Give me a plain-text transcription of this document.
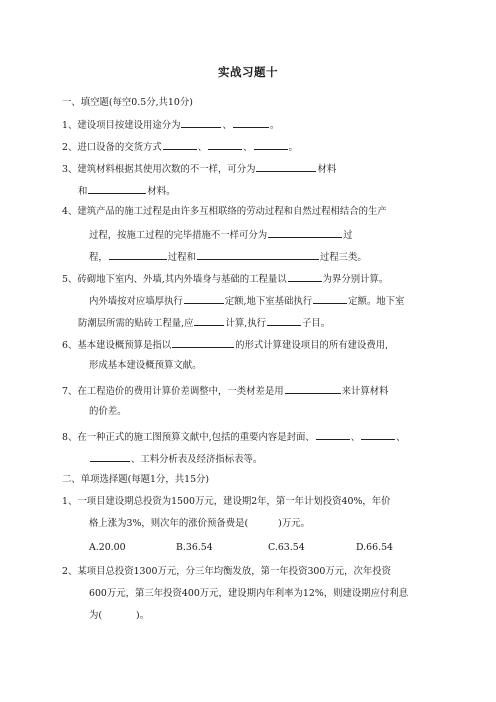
实战习题十
一、填空题(每空0.5分,共10分)
1、建设项目按建设用途分为	、	。
2、进口设备的交货方式	、	、	。
3、建筑材料根据其使用次数的不一样，可分为	材料
和	材料。
4、建筑产品的施工过程是由许多互相联络的劳动过程和自然过程相结合的生产
过程，按施工过程的完毕措施不一样可分为	过
程，	过程和	过程三类。
5、砖砌地下室内、外墙,其内外墙身与基础的工程量以	为界分别计算。
内外墙按对应墙厚执行	定额,地下室基础执行	定额。地下室
防潮层所需的贴砖工程量,应	计算,执行	子目。
6、基本建设概预算是指以	的形式计算建设项目的所有建设费用,
形成基本建设概预算文献。
7、在工程造价的费用计算价差调整中，一类材差是用	来计算材料
的价差。
8、在一种正式的施工图预算文献中,包括的重要内容是封面、	、	、
、工料分析表及经济指标表等。
二、单项选择题(每题1分，共15分)
1、一项目建设期总投资为1500万元，建设期2年，第一年计划投资40%，年价
格上涨为3%，则次年的涨价预备费是(	)万元。
A.20.00	B.36.54	C.63.54	D.66.54
2、某项目总投资1300万元，分三年均衡发放，第一年投资300万元，次年投资
600万元，第三年投资400万元，建设期内年利率为12%，则建设期应付利息
为(	)。
